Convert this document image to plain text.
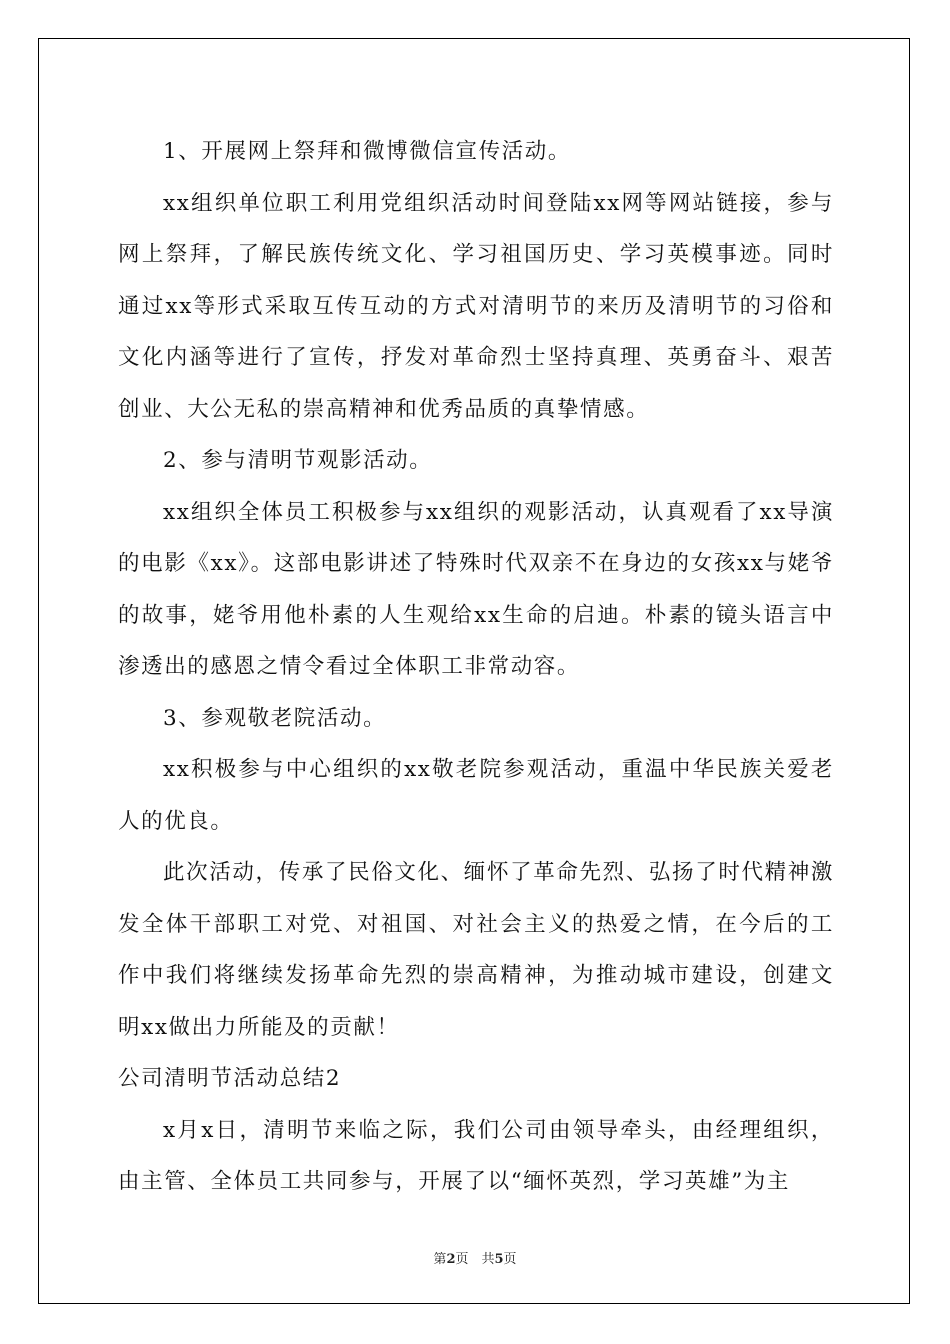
1、开展网上祭拜和微博微信宣传活动。

xx组织单位职工利用党组织活动时间登陆xx网等网站链接，参与网上祭拜，了解民族传统文化、学习祖国历史、学习英模事迹。同时通过xx等形式采取互传互动的方式对清明节的来历及清明节的习俗和文化内涵等进行了宣传，抒发对革命烈士坚持真理、英勇奋斗、艰苦创业、大公无私的崇高精神和优秀品质的真挚情感。

2、参与清明节观影活动。

xx组织全体员工积极参与xx组织的观影活动，认真观看了xx导演的电影《xx》。这部电影讲述了特殊时代双亲不在身边的女孩xx与姥爷的故事，姥爷用他朴素的人生观给xx生命的启迪。朴素的镜头语言中渗透出的感恩之情令看过全体职工非常动容。

3、参观敬老院活动。

xx积极参与中心组织的xx敬老院参观活动，重温中华民族关爱老人的优良。

此次活动，传承了民俗文化、缅怀了革命先烈、弘扬了时代精神激发全体干部职工对党、对祖国、对社会主义的热爱之情，在今后的工作中我们将继续发扬革命先烈的崇高精神，为推动城市建设，创建文明xx做出力所能及的贡献！

公司清明节活动总结2

x月x日，清明节来临之际，我们公司由领导牵头，由经理组织，由主管、全体员工共同参与，开展了以“缅怀英烈，学习英雄”为主

第2页　共5页
